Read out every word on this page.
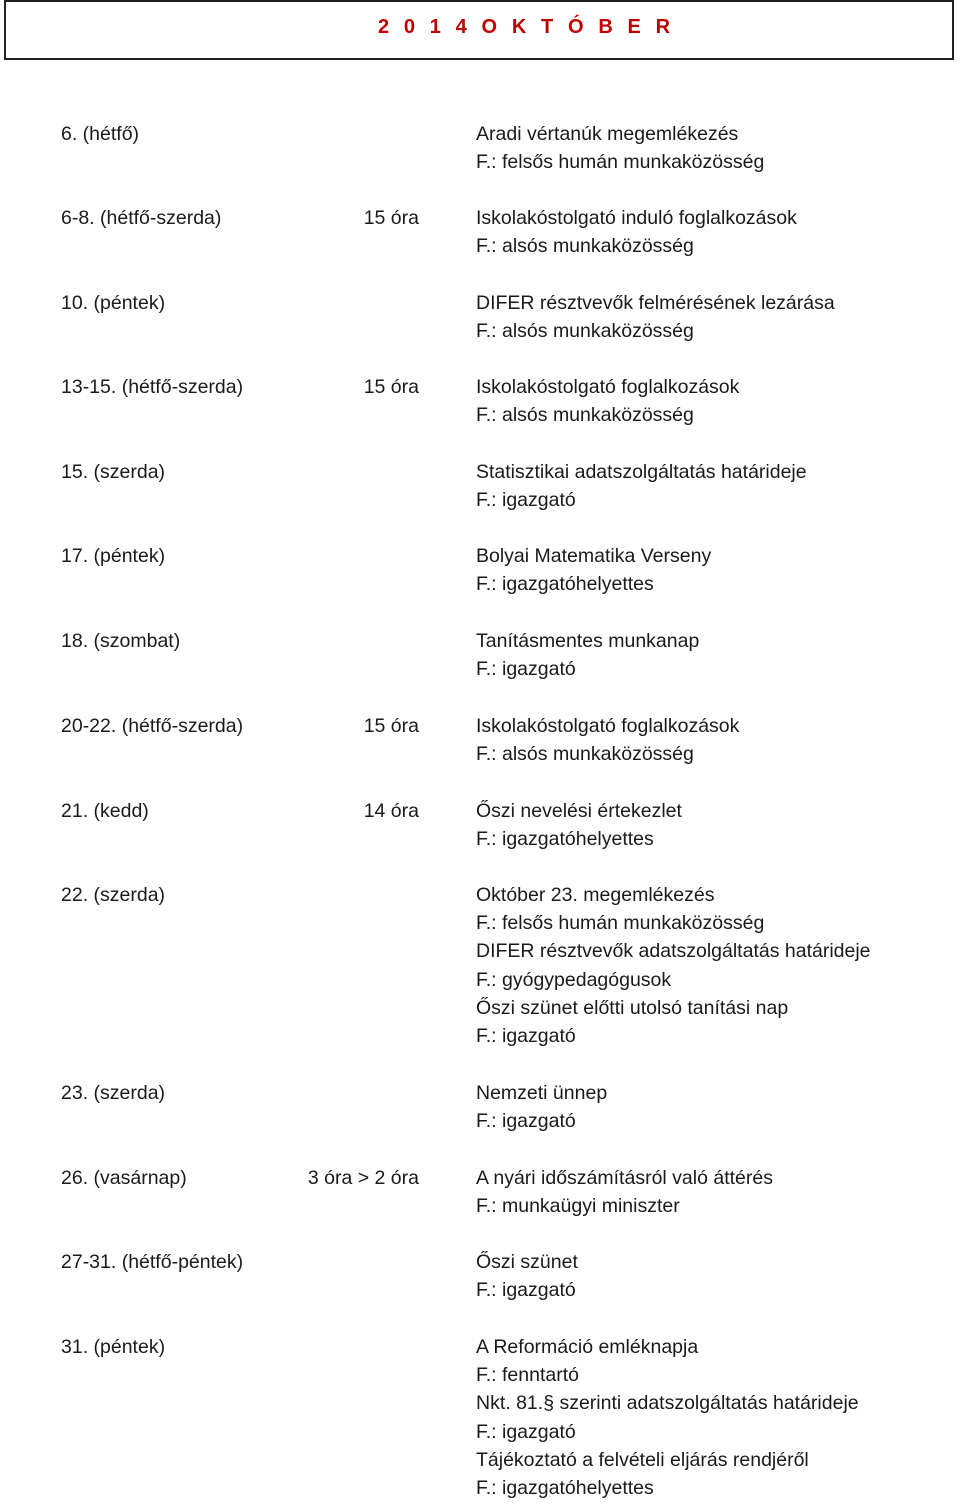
2 0 1 4 O K T Ó B E R
6. (hétfő)	Aradi vértanúk megemlékezés
F.: felsős humán munkaközösség
6-8. (hétfő-szerda)	15 óra	Iskolakóstolgató induló foglalkozások
F.: alsós munkaközösség
10. (péntek)	DIFER résztvevők felmérésének lezárása
F.: alsós munkaközösség
13-15. (hétfő-szerda)	15 óra	Iskolakóstolgató foglalkozások
F.: alsós munkaközösség
15. (szerda)	Statisztikai adatszolgáltatás határideje
F.: igazgató
17. (péntek)	Bolyai Matematika Verseny
F.: igazgatóhelyettes
18. (szombat)	Tanításmentes munkanap
F.: igazgató
20-22. (hétfő-szerda)	15 óra	Iskolakóstolgató foglalkozások
F.: alsós munkaközösség
21. (kedd)	14 óra	Őszi nevelési értekezlet
F.: igazgatóhelyettes
22. (szerda)	Október 23. megemlékezés
F.: felsős humán munkaközösség
DIFER résztvevők adatszolgáltatás határideje
F.: gyógypedagógusok
Őszi szünet előtti utolsó tanítási nap
F.: igazgató
23. (szerda)	Nemzeti ünnep
F.: igazgató
26. (vasárnap)	3 óra > 2 óra	A nyári időszámításról való áttérés
F.: munkaügyi miniszter
27-31. (hétfő-péntek)	Őszi szünet
F.: igazgató
31. (péntek)	A Reformáció emléknapja
F.: fenntartó
Nkt. 81.§ szerinti adatszolgáltatás határideje
F.: igazgató
Tájékoztató a felvételi eljárás rendjéről
F.: igazgatóhelyettes
